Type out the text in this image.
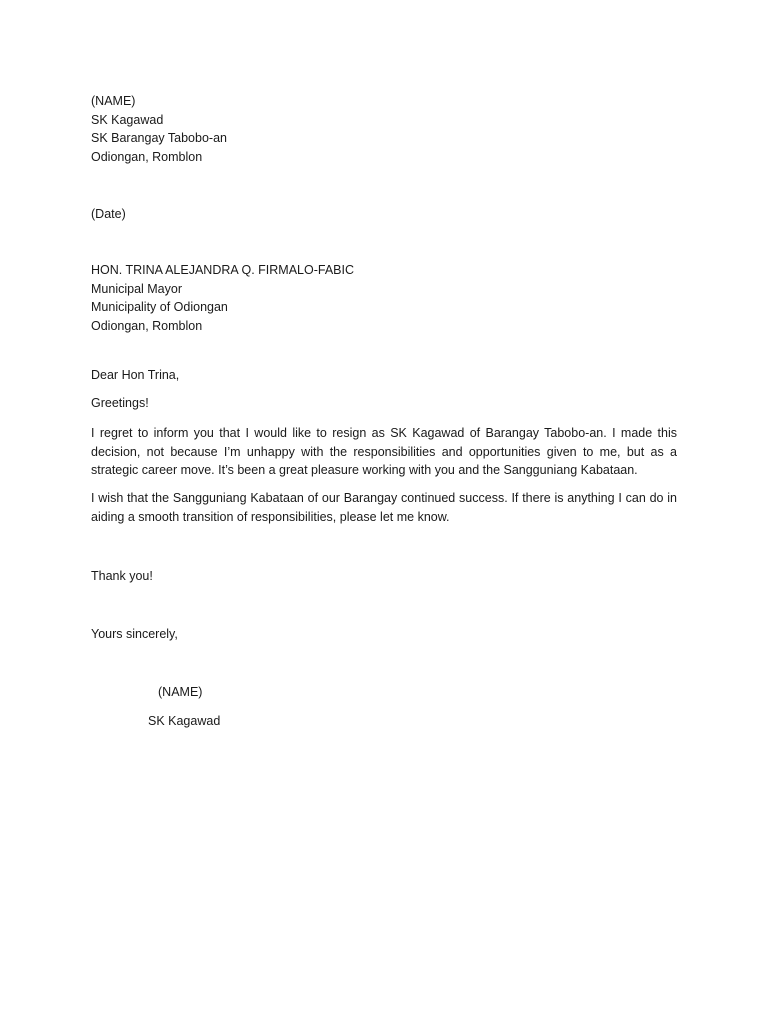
(NAME)
SK Kagawad
SK Barangay Tabobo-an
Odiongan, Romblon
(Date)
HON. TRINA ALEJANDRA Q. FIRMALO-FABIC
Municipal Mayor
Municipality of Odiongan
Odiongan, Romblon
Dear Hon Trina,
Greetings!

I regret to inform you that I would like to resign as SK Kagawad of Barangay Tabobo-an. I made this decision, not because I’m unhappy with the responsibilities and opportunities given to me, but as a strategic career move. It’s been a great pleasure working with you and the Sangguniang Kabataan.

I wish that the Sangguniang Kabataan of our Barangay continued success. If there is anything I can do in aiding a smooth transition of responsibilities, please let me know.

Thank you!
Yours sincerely,
(NAME)
SK Kagawad
